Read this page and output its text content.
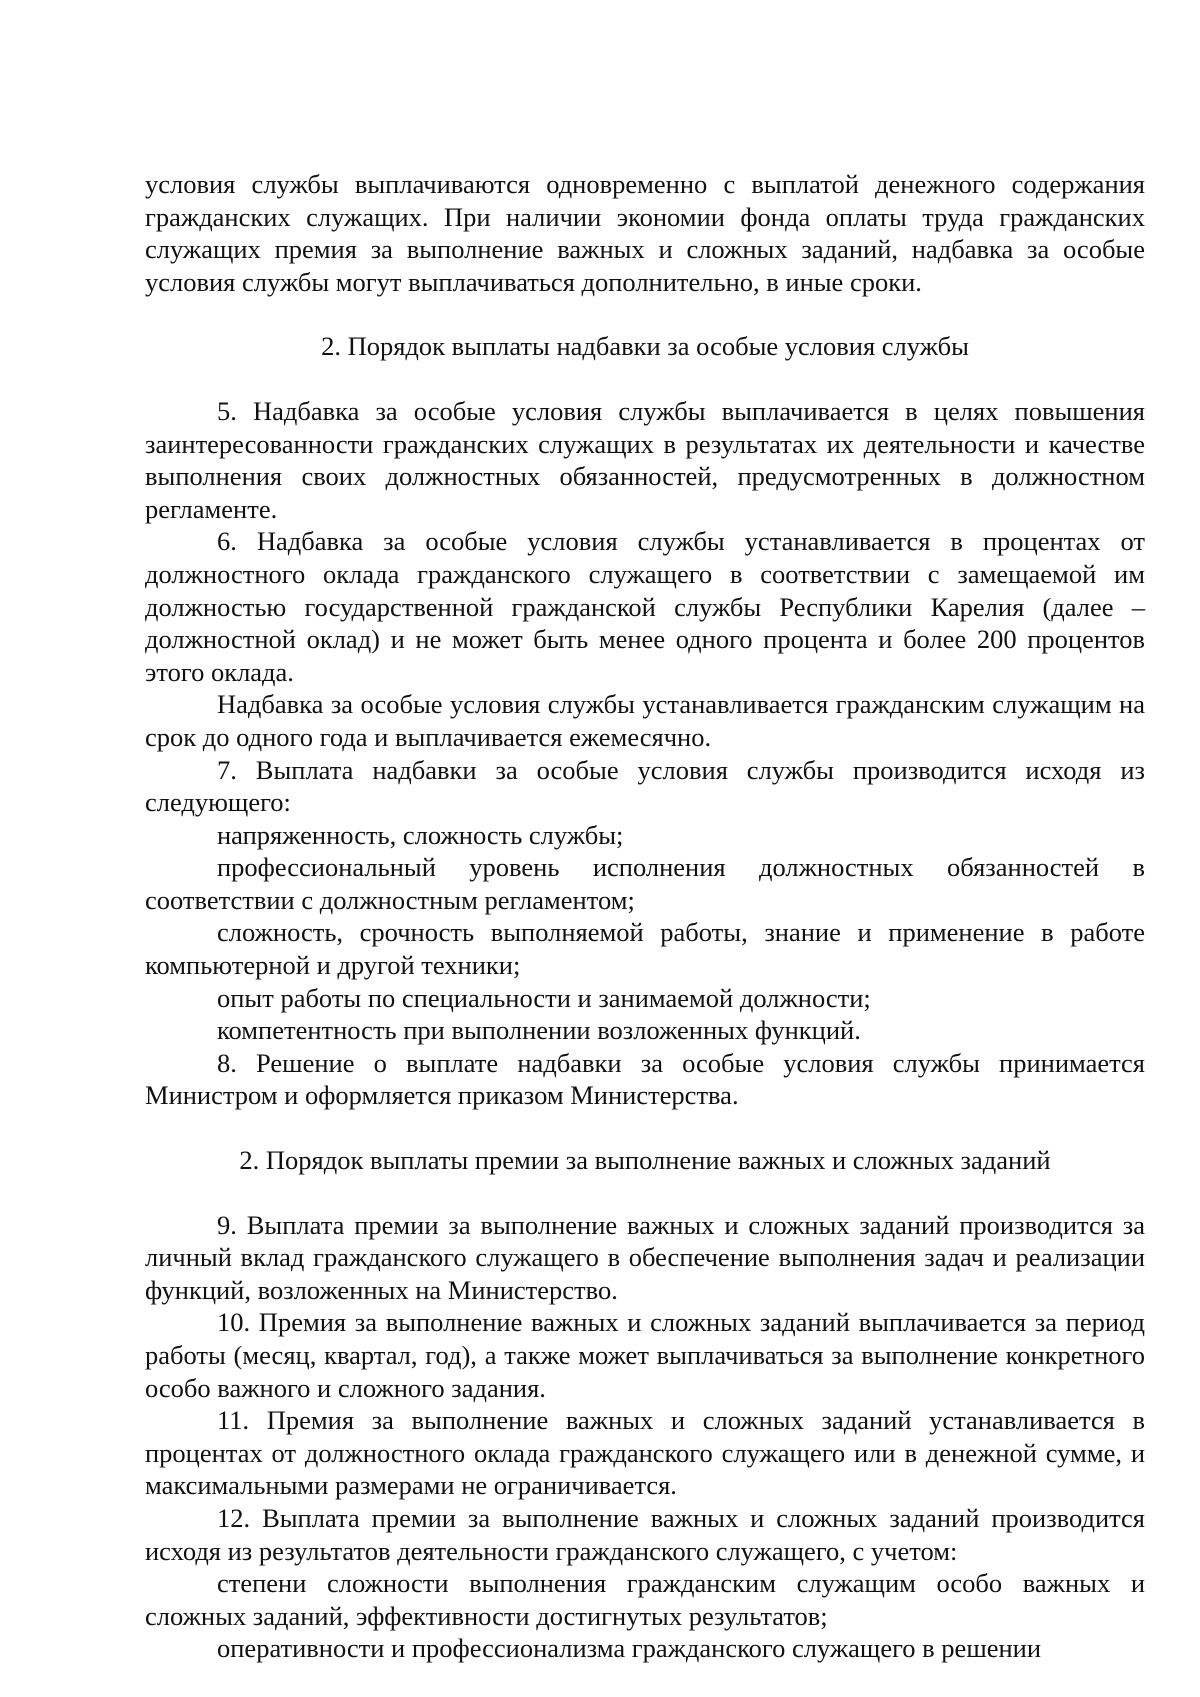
условия службы выплачиваются одновременно с выплатой денежного содержания гражданских служащих. При наличии экономии фонда оплаты труда гражданских служащих премия за выполнение важных и сложных заданий, надбавка за особые условия службы могут выплачиваться дополнительно, в иные сроки.

2. Порядок выплаты надбавки за особые условия службы

5. Надбавка за особые условия службы выплачивается в целях повышения заинтересованности гражданских служащих в результатах их деятельности и качестве выполнения своих должностных обязанностей, предусмотренных в должностном регламенте.

6. Надбавка за особые условия службы устанавливается в процентах от должностного оклада гражданского служащего в соответствии с замещаемой им должностью государственной гражданской службы Республики Карелия (далее – должностной оклад) и не может быть менее одного процента и более 200 процентов этого оклада.

Надбавка за особые условия службы устанавливается гражданским служащим на срок до одного года и выплачивается ежемесячно.

7. Выплата надбавки за особые условия службы производится исходя из следующего:

напряженность, сложность службы;

профессиональный уровень исполнения должностных обязанностей в соответствии с должностным регламентом;

сложность, срочность выполняемой работы, знание и применение в работе компьютерной и другой техники;

опыт работы по специальности и занимаемой должности;

компетентность при выполнении возложенных функций.

8. Решение о выплате надбавки за особые условия службы принимается Министром и оформляется приказом Министерства.

2. Порядок выплаты премии за выполнение важных и сложных заданий

9. Выплата премии за выполнение важных и сложных заданий производится за личный вклад гражданского служащего в обеспечение выполнения задач и реализации функций, возложенных на Министерство.

10. Премия за выполнение важных и сложных заданий выплачивается за период работы (месяц, квартал, год), а также может выплачиваться за выполнение конкретного особо важного и сложного задания.

11. Премия за выполнение важных и сложных заданий устанавливается в процентах от должностного оклада гражданского служащего или в денежной сумме, и максимальными размерами не ограничивается.

12. Выплата премии за выполнение важных и сложных заданий производится исходя из результатов деятельности гражданского служащего, с учетом:

степени сложности выполнения гражданским служащим особо важных и сложных заданий, эффективности достигнутых результатов;

оперативности и профессионализма гражданского служащего в решении
